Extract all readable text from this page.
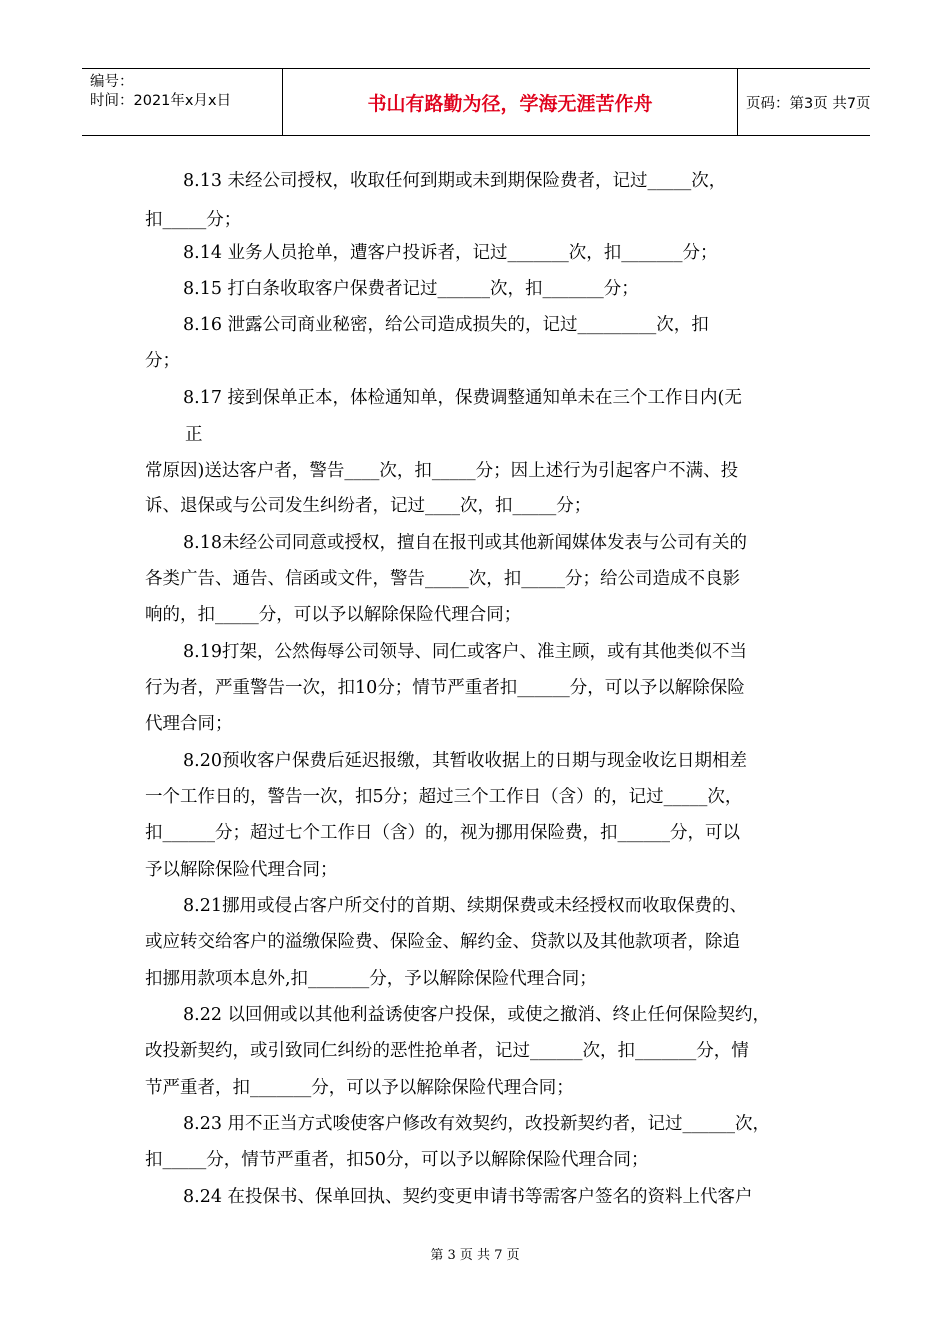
编号：
时间：2021年x月x日	书山有路勤为径，学海无涯苦作舟	页码：第3页 共7页
8.13 未经公司授权，收取任何到期或未到期保险费者，记过_____次，
扣_____分；
8.14 业务人员抢单，遭客户投诉者，记过_______次，扣_______分；
8.15 打白条收取客户保费者记过______次，扣_______分；
8.16 泄露公司商业秘密，给公司造成损失的，记过_________次，扣
分；
8.17 接到保单正本，体检通知单，保费调整通知单未在三个工作日内(无
正
常原因)送达客户者，警告____次，扣_____分；因上述行为引起客户不满、投
诉、退保或与公司发生纠纷者，记过____次，扣_____分；
8.18未经公司同意或授权，擅自在报刊或其他新闻媒体发表与公司有关的
各类广告、通告、信函或文件，警告_____次，扣_____分；给公司造成不良影
响的，扣_____分，可以予以解除保险代理合同；
8.19打架，公然侮辱公司领导、同仁或客户、准主顾，或有其他类似不当
行为者，严重警告一次，扣10分；情节严重者扣______分，可以予以解除保险
代理合同；
8.20预收客户保费后延迟报缴，其暂收收据上的日期与现金收讫日期相差
一个工作日的，警告一次，扣5分；超过三个工作日（含）的，记过_____次，
扣______分；超过七个工作日（含）的，视为挪用保险费，扣______分，可以
予以解除保险代理合同；
8.21挪用或侵占客户所交付的首期、续期保费或未经授权而收取保费的、
或应转交给客户的溢缴保险费、保险金、解约金、贷款以及其他款项者，除追
扣挪用款项本息外,扣_______分，予以解除保险代理合同；
8.22 以回佣或以其他利益诱使客户投保，或使之撤消、终止任何保险契约，
改投新契约，或引致同仁纠纷的恶性抢单者，记过______次，扣_______分，情
节严重者，扣_______分，可以予以解除保险代理合同；
8.23 用不正当方式唆使客户修改有效契约，改投新契约者，记过______次，
扣_____分，情节严重者，扣50分，可以予以解除保险代理合同；
8.24 在投保书、保单回执、契约变更申请书等需客户签名的资料上代客户
第 3 页 共 7 页
